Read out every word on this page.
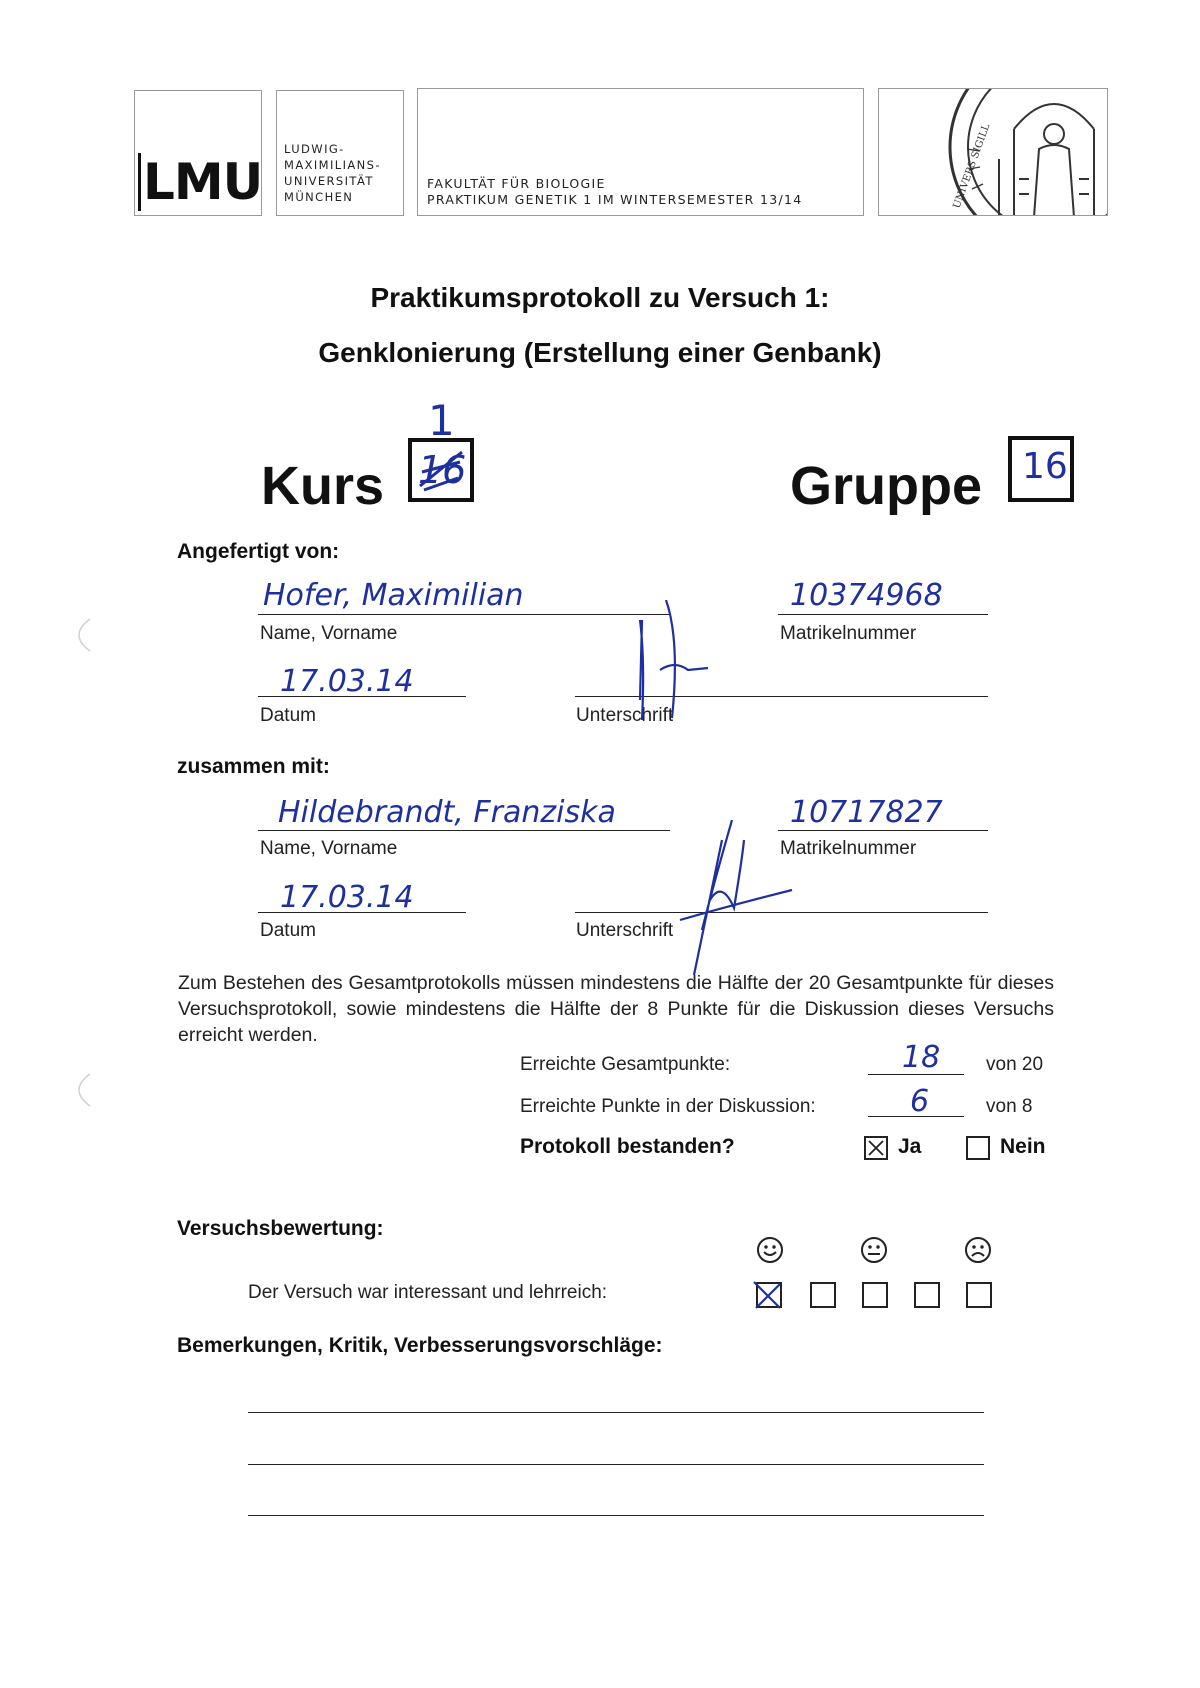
LMU
LUDWIG-
MAXIMILIANS-
UNIVERSITÄT
MÜNCHEN
FAKULTÄT FÜR BIOLOGIE
PRAKTIKUM GENETIK 1 IM WINTERSEMESTER 13/14	UNIVERS SIGILL
Praktikumsprotokoll zu Versuch 1:
Genklonierung (Erstellung einer Genbank)
Kurs 16
1
Gruppe 16
Angefertigt von:
Hofer, Maximilian
Name, Vorname
10374968
Matrikelnummer
17.03.14
Datum	Unterschrift
zusammen mit:
Hildebrandt, Franziska
Name, Vorname
10717827
Matrikelnummer
17.03.14
Datum	Unterschrift
Zum Bestehen des Gesamtprotokolls müssen mindestens die Hälfte der 20 Gesamtpunkte für dieses Versuchsprotokoll, sowie mindestens die Hälfte der 8 Punkte für die Diskussion dieses Versuchs erreicht werden.
Erreichte Gesamtpunkte:	18 von 20
Erreichte Punkte in der Diskussion:	6	von 8
Protokoll bestanden?	Ja	Nein
Versuchsbewertung:
Der Versuch war interessant und lehrreich:
Bemerkungen, Kritik, Verbesserungsvorschläge:
